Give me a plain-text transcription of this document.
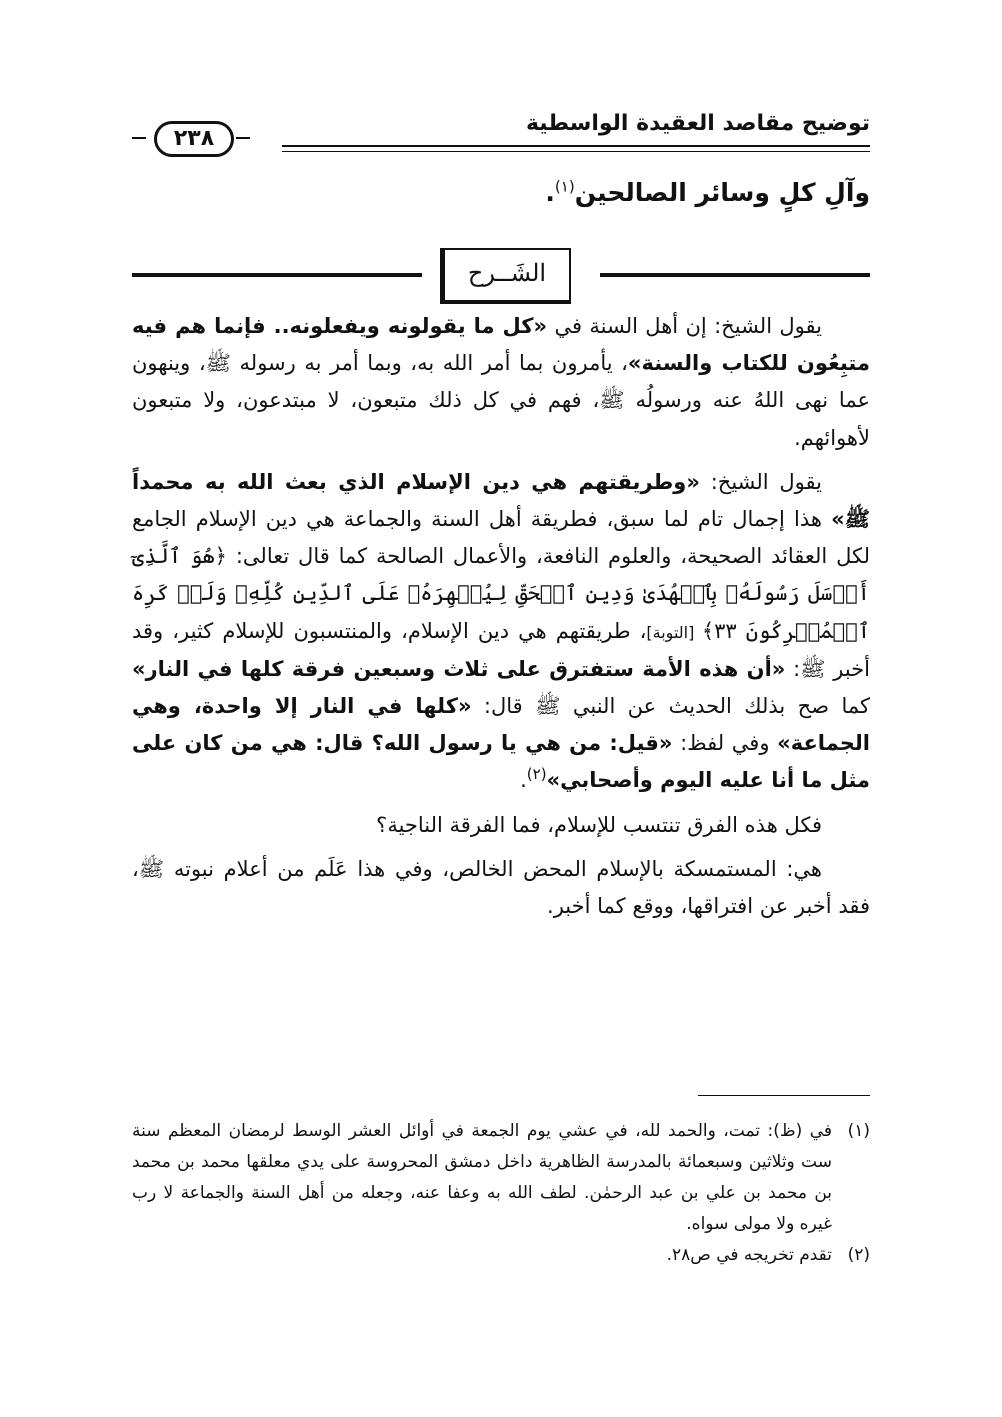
توضيح مقاصد العقيدة الواسطية
٢٣٨
وآلِ كلٍ وسائر الصالحين$^{(١)}$.
الشَــرح

يقول الشيخ: إن أهل السنة في «كل ما يقولونه ويفعلونه.. فإنما هم فيه متبِعُون للكتاب والسنة»، يأمرون بما أمر الله به، وبما أمر به رسوله ﷺ، وينهون عما نهى اللهُ عنه ورسولُه ﷺ، فهم في كل ذلك متبعون، لا مبتدعون، ولا متبعون لأهوائهم.

يقول الشيخ: «وطريقتهم هي دين الإسلام الذي بعث الله به محمداً ﷺ» هذا إجمال تام لما سبق، فطريقة أهل السنة والجماعة هي دين الإسلام الجامع لكل العقائد الصحيحة، والعلوم النافعة، والأعمال الصالحة كما قال تعالى: ﴿هُوَ ٱلَّذِىٓ أَرۡسَلَ رَسُولَهُۥ بِٱلۡهُدَىٰ وَدِينِ ٱلۡحَقِّ لِيُظۡهِرَهُۥ عَلَى ٱلدِّينِ كُلِّهِۦ وَلَوۡ كَرِهَ ٱلۡمُشۡرِكُونَ ٣٣﴾ [التوبة]، طريقتهم هي دين الإسلام، والمنتسبون للإسلام كثير، وقد أخبر ﷺ: «أن هذه الأمة ستفترق على ثلاث وسبعين فرقة كلها في النار» كما صح بذلك الحديث عن النبي ﷺ قال: «كلها في النار إلا واحدة، وهي الجماعة» وفي لفظ: «قيل: من هي يا رسول الله؟ قال: هي من كان على مثل ما أنا عليه اليوم وأصحابي»$^{(٢)}$.

فكل هذه الفرق تنتسب للإسلام، فما الفرقة الناجية؟

هي: المستمسكة بالإسلام المحض الخالص، وفي هذا عَلَم من أعلام نبوته ﷺ، فقد أخبر عن افتراقها، ووقع كما أخبر.

(١)
في (ظ): تمت، والحمد لله، في عشي يوم الجمعة في أوائل العشر الوسط لرمضان المعظم سنة ست وثلاثين وسبعمائة بالمدرسة الظاهرية داخل دمشق المحروسة على يدي معلقها محمد بن محمد بن محمد بن علي بن عبد الرحمٰن. لطف الله به وعفا عنه، وجعله من أهل السنة والجماعة لا رب غيره ولا مولى سواه.
(٢)
تقدم تخريجه في ص٢٨.
